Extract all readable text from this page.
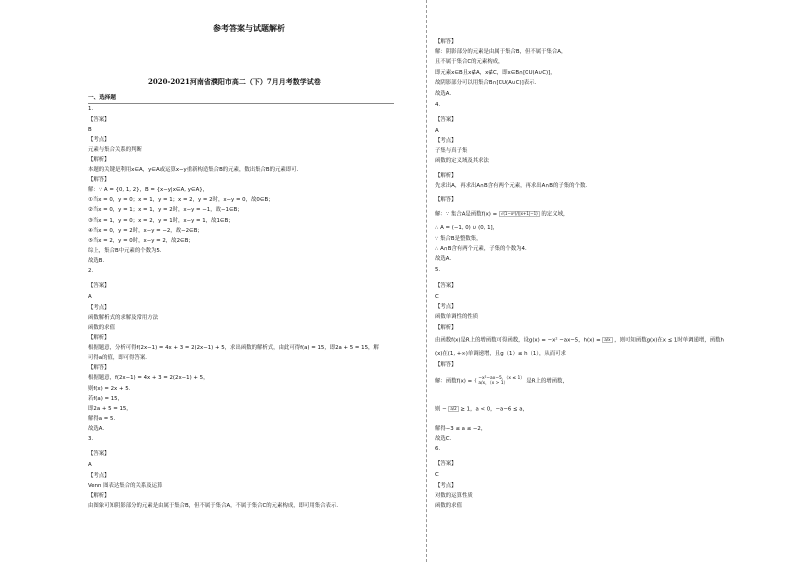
参考答案与试题解析
2020-2021河南省濮阳市高二（下）7月月考数学试卷
一、选择题
1.
【答案】
B
【考点】
元素与集合关系的判断
【解析】
本题的关键是利用x∈A，y∈A或运算x−y重新构造集合B的元素，数出集合B的元素即可．
【解答】
解：∵ A = {0, 1, 2}，B = {x−y|x∈A, y∈A}，
①当x = 0，y = 0；x = 1，y = 1；x = 2，y = 2时，x−y = 0，故0∈B；
②当x = 0，y = 1；x = 1，y = 2时，x−y = −1，故−1∈B；
③当x = 1，y = 0；x = 2，y = 1时，x−y = 1，故1∈B；
④当x = 0，y = 2时，x−y = −2，故−2∈B；
⑤当x = 2，y = 0时，x−y = 2，故2∈B；
综上，集合B中元素的个数为5.
故选B.
2.
【答案】
A
【考点】
函数解析式的求解及常用方法
函数的求值
【解析】
根据题意，分析可得f(2x−1) = 4x + 3 = 2(2x−1) + 5，求出函数的解析式，由此可得f(a) = 15，即2a + 5 = 15，解
可得a的值，即可得答案．
【解答】
根据题意，f(2x−1) = 4x + 3 = 2(2x−1) + 5，
则f(x) = 2x + 5.
若f(a) = 15，
即2a + 5 = 15，
解得a = 5.
故选A.
3.
【答案】
A
【考点】
Venn 图表达集合的关系及运算
【解析】
由图象可知阴影部分的元素是由属于集合B，但不属于集合A，不属于集合C的元素构成，即可用集合表示．
【解答】
解：阴影部分的元素是由属于集合B，但不属于集合A，
且不属于集合C的元素构成，
即元素x∈B且x∉A，x∉C，即x∈B∩[∁U(A∪C)]，
故阴影部分可以用集合B∩[∁U(A∪C)]表示．
故选A.
4.
【答案】
A
【考点】
子集与真子集
函数的定义域及其求法
【解析】
先求出A，再求出A∩B含有两个元素，再求出A∩B的子集的个数．
【解答】
解：∵ 集合A是函数f(x) = √(1−x²)/(|x+1|−1) 的定义域，
∴ A = (−1, 0) ∪ (0, 1]，
∵ 集合B是整数集，
∴ A∩B含有两个元素，子集的个数为4．
故选A.
5.
【答案】
C
【考点】
函数单调性的性质
【解析】
由函数f(x)是R上的增函数可得函数，设g(x) = −x² −ax−5，h(x) = a/x ，则可知函数g(x)在x ≤ 1时单调递增，函数h
(x)在(1, +∞)单调递增，且g（1）≤ h（1），从而可求
【解答】
解：函数f(x) = { −x²−ax−5，（x ≤ 1）
a/x，（x > 1）	是R上的增函数，
则 − a/2 ≥ 1，a < 0，−a−6 ≤ a，
解得−3 ≤ a ≤ −2，
故选C.
6.
【答案】
C
【考点】
对数的运算性质
函数的求值
